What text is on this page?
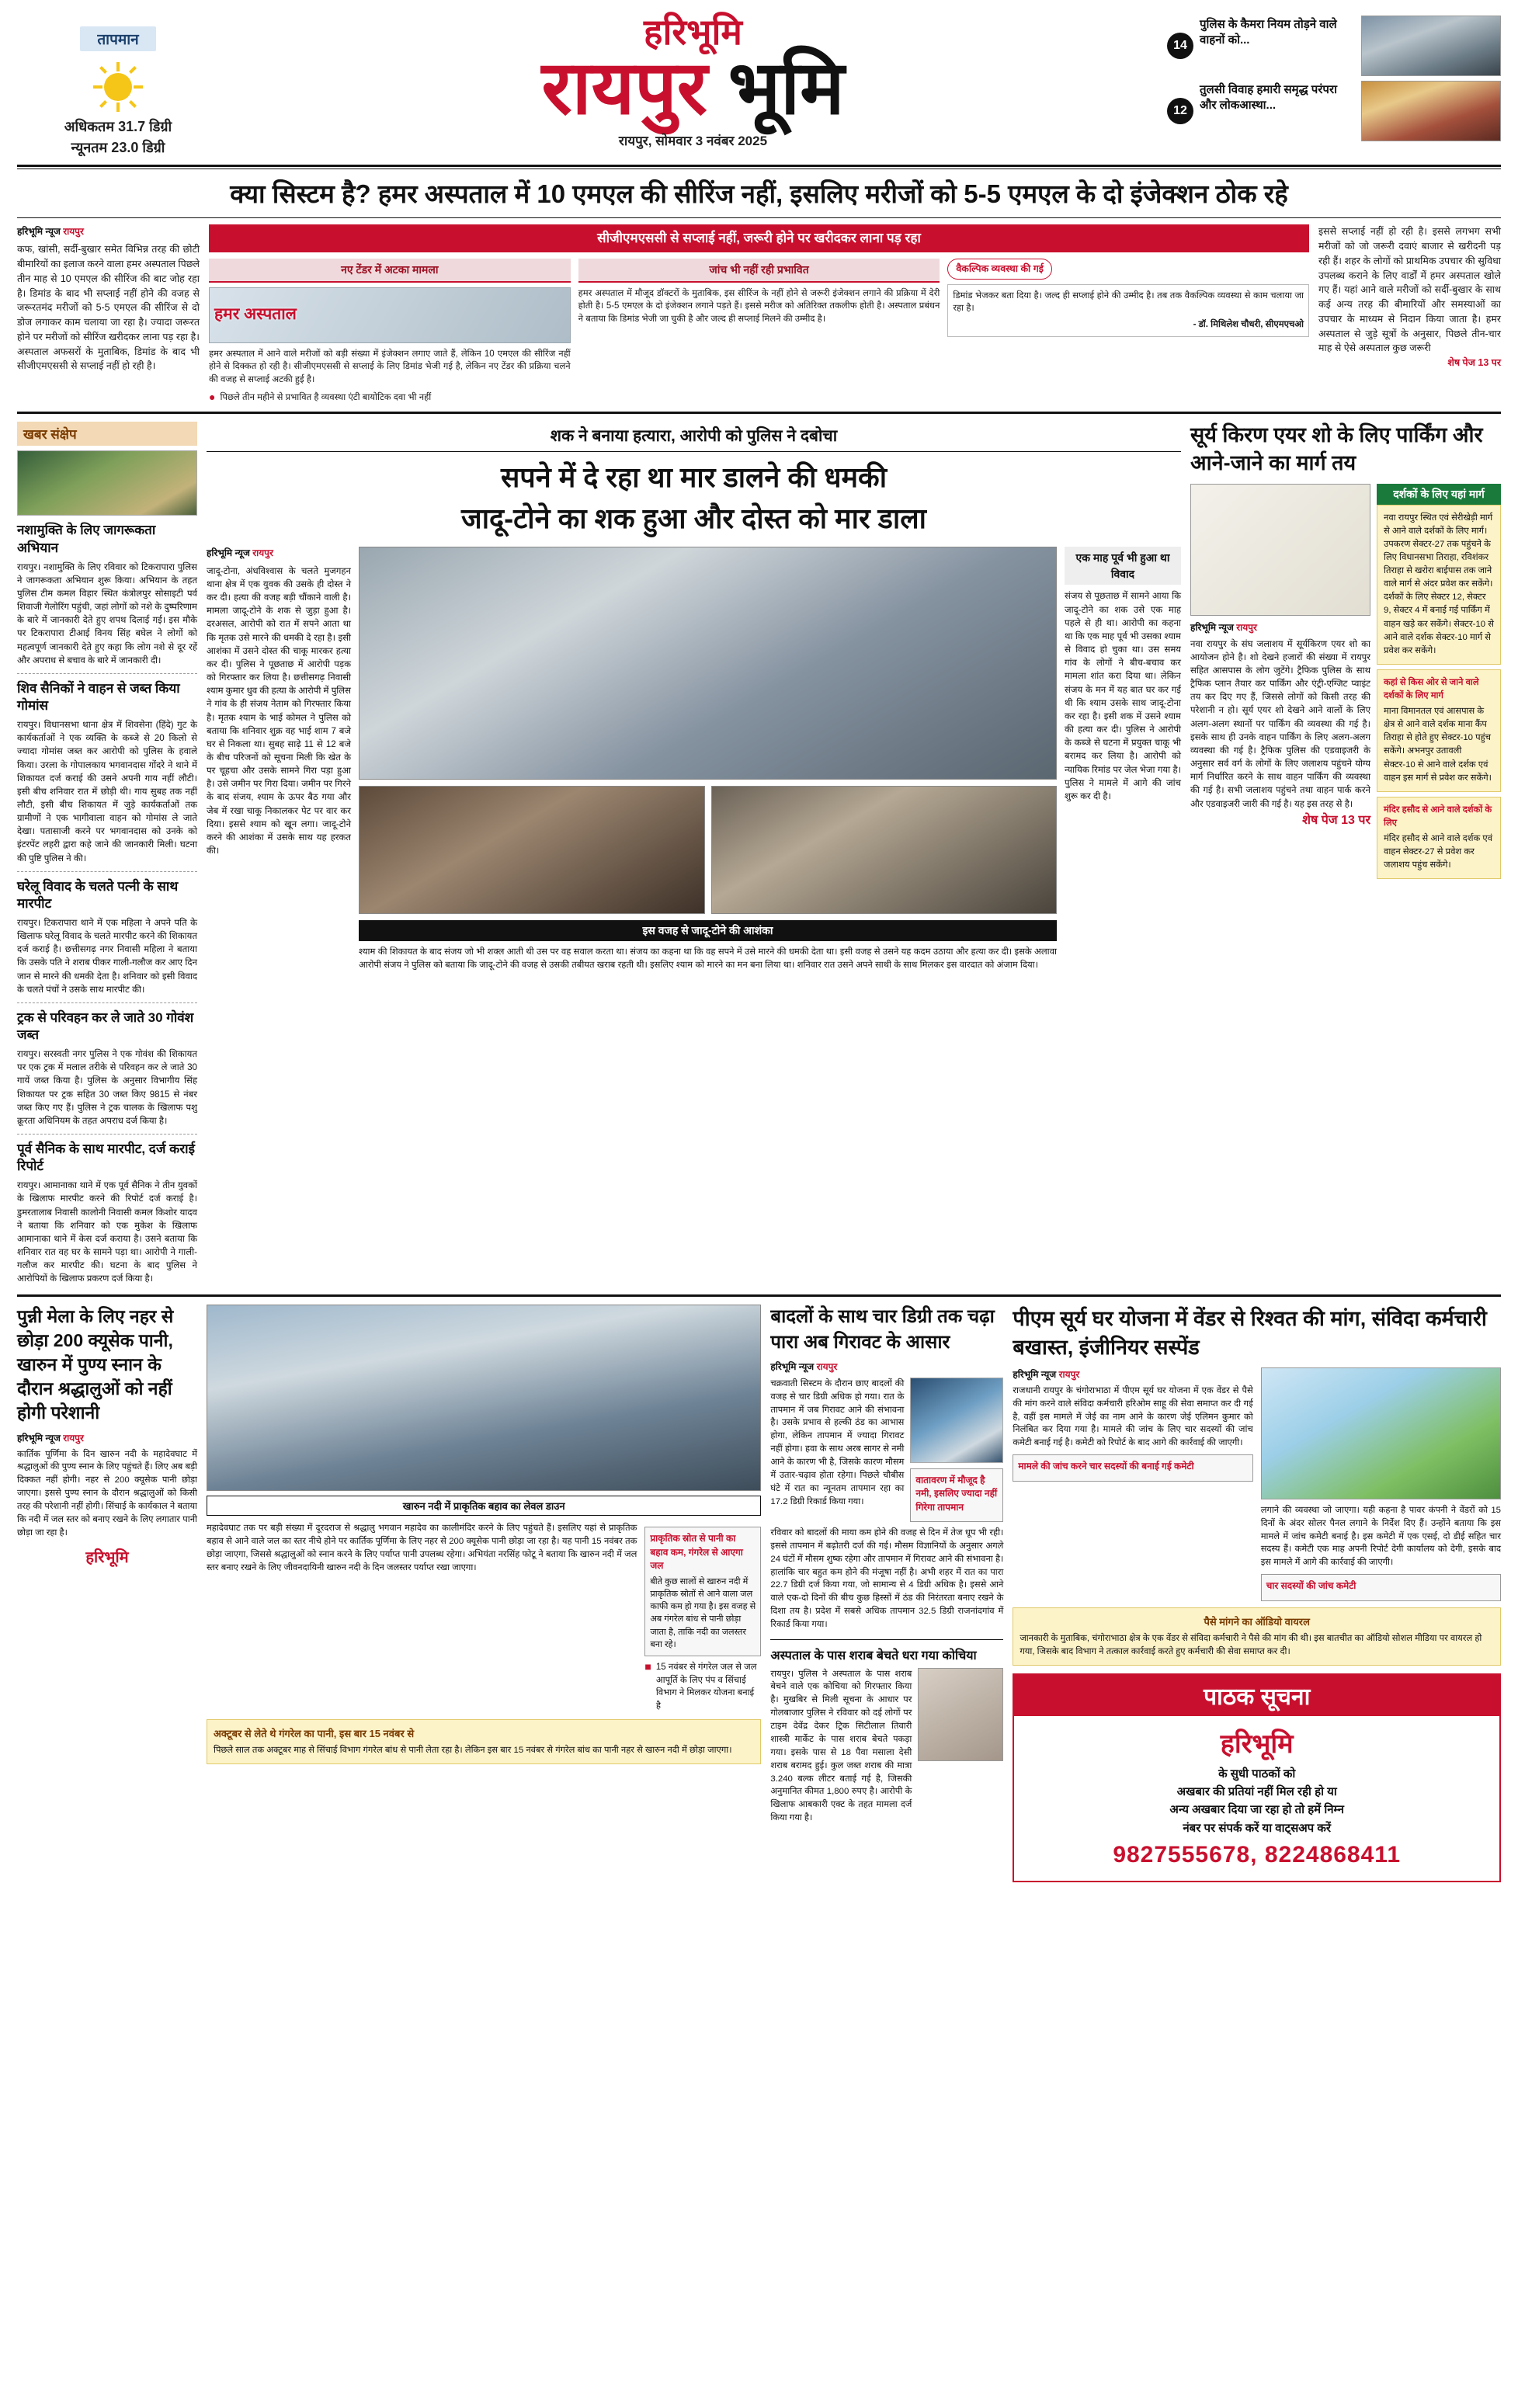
तापमान
अधिकतम 31.7 डिग्री
न्यूनतम 23.0 डिग्री
हरिभूमि
रायपुर भूमि
रायपुर, सोमवार 3 नवंबर 2025
14
पुलिस के कैमरा नियम तोड़ने वाले वाहनों को...
12
तुलसी विवाह हमारी समृद्ध परंपरा और लोकआस्था...
क्या सिस्टम है? हमर अस्पताल में 10 एमएल की सीरिंज नहीं, इसलिए मरीजों को 5-5 एमएल के दो इंजेक्शन ठोक रहे
हरिभूमि न्यूज रायपुर
कफ, खांसी, सर्दी-बुखार समेत विभिन्न तरह की छोटी बीमारियों का इलाज करने वाला हमर अस्पताल पिछले तीन माह से 10 एमएल की सीरिंज की बाट जोह रहा है। डिमांड के बाद भी सप्लाई नहीं होने की वजह से जरूरतमंद मरीजों को 5-5 एमएल की सीरिंज से दो डोज लगाकर काम चलाया जा रहा है। ज्यादा जरूरत होने पर मरीजों को सीरिंज खरीदकर लाना पड़ रहा है। अस्पताल अफसरों के मुताबिक, डिमांड के बाद भी सीजीएमएससी से सप्लाई नहीं हो रही है।
सीजीएमएससी से सप्लाई नहीं, जरूरी होने पर खरीदकर लाना पड़ रहा
नए टेंडर में अटका मामला
हमर अस्पताल
हमर अस्पताल में आने वाले मरीजों को बड़ी संख्या में इंजेक्शन लगाए जाते हैं, लेकिन 10 एमएल की सीरिंज नहीं होने से दिक्कत हो रही है। सीजीएमएससी से सप्लाई के लिए डिमांड भेजी गई है, लेकिन नए टेंडर की प्रक्रिया चलने की वजह से सप्लाई अटकी हुई है।
● पिछले तीन महीने से प्रभावित है व्यवस्था एंटी बायोटिक दवा भी नहीं
जांच भी नहीं रही प्रभावित
हमर अस्पताल में मौजूद डॉक्टरों के मुताबिक, इस सीरिंज के नहीं होने से जरूरी इंजेक्शन लगाने की प्रक्रिया में देरी होती है। 5-5 एमएल के दो इंजेक्शन लगाने पड़ते हैं। इससे मरीज को अतिरिक्त तकलीफ होती है। अस्पताल प्रबंधन ने बताया कि डिमांड भेजी जा चुकी है और जल्द ही सप्लाई मिलने की उम्मीद है।
वैकल्पिक व्यवस्था की गई
डिमांड भेजकर बता दिया है। जल्द ही सप्लाई होने की उम्मीद है। तब तक वैकल्पिक व्यवस्था से काम चलाया जा रहा है।
- डॉ. मिथिलेश चौधरी, सीएमएचओ
इससे सप्लाई नहीं हो रही है। इससे लगभग सभी मरीजों को जो जरूरी दवाएं बाजार से खरीदनी पड़ रही हैं। शहर के लोगों को प्राथमिक उपचार की सुविधा उपलब्ध कराने के लिए वार्डों में हमर अस्पताल खोले गए हैं। यहां आने वाले मरीजों को सर्दी-बुखार के साथ कई अन्य तरह की बीमारियों और समस्याओं का उपचार के माध्यम से निदान किया जाता है। हमर अस्पताल से जुड़े सूत्रों के अनुसार, पिछले तीन-चार माह से ऐसे अस्पताल कुछ जरूरी
शेष पेज 13 पर
खबर संक्षेप
नशामुक्ति के लिए जागरूकता अभियान
रायपुर। नशामुक्ति के लिए रविवार को टिकरापारा पुलिस ने जागरूकता अभियान शुरू किया। अभियान के तहत पुलिस टीम कमल विहार स्थित कंत्रोलपुर सोसाइटी पर्व शिवाजी गेलोरिंग पहुंची, जहां लोगों को नशे के दुष्परिणाम के बारे में जानकारी देते हुए शपथ दिलाई गई। इस मौके पर टिकरापारा टीआई विनय सिंह बघेल ने लोगों को महत्वपूर्ण जानकारी देते हुए कहा कि लोग नशे से दूर रहें और अपराध से बचाव के बारे में जानकारी दी।
शिव सैनिकों ने वाहन से जब्त किया गोमांस
रायपुर। विधानसभा थाना क्षेत्र में शिवसेना (हिंदे) गुट के कार्यकर्ताओं ने एक व्यक्ति के कब्जे से 20 किलो से ज्यादा गोमांस जब्त कर आरोपी को पुलिस के हवाले किया। उरला के गोपालकाय भगवानदास गोंदरे ने थाने में शिकायत दर्ज कराई की उसने अपनी गाय नहीं लौटी। इसी बीच शनिवार रात में छोड़ी थी। गाय सुबह तक नहीं लौटी, इसी बीच शिकायत में जुड़े कार्यकर्ताओं तक ग्रामीणों ने एक भागीवाला वाहन को गोमांस ले जाते देखा। पतासाजी करने पर भगवानदास को उनके को इंटरपेंट लहरी द्वारा कहे जाने की जानकारी मिली। घटना की पुष्टि पुलिस ने की।
घरेलू विवाद के चलते पत्नी के साथ मारपीट
रायपुर। टिकरापारा थाने में एक महिला ने अपने पति के खिलाफ घरेलू विवाद के चलते मारपीट करने की शिकायत दर्ज कराई है। छत्तीसगढ़ नगर निवासी महिला ने बताया कि उसके पति ने शराब पीकर गाली-गलौज कर आए दिन जान से मारने की धमकी देता है। शनिवार को इसी विवाद के चलते पंचों ने उसके साथ मारपीट की।
ट्रक से परिवहन कर ले जाते 30 गोवंश जब्त
रायपुर। सरस्वती नगर पुलिस ने एक गोवंश की शिकायत पर एक ट्रक में मलाल तरीके से परिवहन कर ले जाते 30 गायें जब्त किया है। पुलिस के अनुसार विभागीय सिंह शिकायत पर ट्रक सहित 30 जब्त किए 9815 से नंबर जब्त किए गए हैं। पुलिस ने ट्रक चालक के खिलाफ पशु क्रूरता अधिनियम के तहत अपराध दर्ज किया है।
पूर्व सैनिक के साथ मारपीट, दर्ज कराई रिपोर्ट
रायपुर। आमानाका थाने में एक पूर्व सैनिक ने तीन युवकों के खिलाफ मारपीट करने की रिपोर्ट दर्ज कराई है। डुमरतालाब निवासी कालोनी निवासी कमल किशोर यादव ने बताया कि शनिवार को एक मुकेश के खिलाफ आमानाका थाने में केस दर्ज कराया है। उसने बताया कि शनिवार रात वह घर के सामने पड़ा था। आरोपी ने गाली-गलौज कर मारपीट की। घटना के बाद पुलिस ने आरोपियों के खिलाफ प्रकरण दर्ज किया है।
शक ने बनाया हत्यारा, आरोपी को पुलिस ने दबोचा
सपने में दे रहा था मार डालने की धमकी
जादू-टोने का शक हुआ और दोस्त को मार डाला
हरिभूमि न्यूज रायपुर
जादू-टोना, अंधविश्वास के चलते मुजगहन थाना क्षेत्र में एक युवक की उसके ही दोस्त ने कर दी। हत्या की वजह बड़ी चौंकाने वाली है। मामला जादू-टोने के शक से जुड़ा हुआ है। दरअसल, आरोपी को रात में सपने आता था कि मृतक उसे मारने की धमकी दे रहा है। इसी आशंका में उसने दोस्त की चाकू मारकर हत्या कर दी। पुलिस ने पूछताछ में आरोपी पड़क को गिरफ्तार कर लिया है। छत्तीसगढ़ निवासी श्याम कुमार धुव की हत्या के आरोपी में पुलिस ने गांव के ही संजय नेताम को गिरफ्तार किया है। मृतक श्याम के भाई कोमल ने पुलिस को बताया कि शनिवार शुक्र वह भाई शाम 7 बजे घर से निकला था। सुबह साढ़े 11 से 12 बजे के बीच परिजनों को सूचना मिली कि खेत के पर चूहचा और उसके सामने गिरा पड़ा हुआ है। उसे जमीन पर गिरा दिया। जमीन पर गिरने के बाद संजय, श्याम के ऊपर बैठ गया और जेब में रखा चाकू निकालकर पेट पर वार कर दिया। इससे श्याम को खून लगा। जादू-टोने करने की आशंका में उसके साथ यह हरकत की।
इस वजह से जादू-टोने की आशंका
श्याम की शिकायत के बाद संजय जो भी शक्ल आती थी उस पर वह सवाल करता था। संजय का कहना था कि वह सपने में उसे मारने की धमकी देता था। इसी वजह से उसने यह कदम उठाया और हत्या कर दी। इसके अलावा आरोपी संजय ने पुलिस को बताया कि जादू-टोने की वजह से उसकी तबीयत खराब रहती थी। इसलिए श्याम को मारने का मन बना लिया था। शनिवार रात उसने अपने साथी के साथ मिलकर इस वारदात को अंजाम दिया।
एक माह पूर्व भी हुआ था विवाद
संजय से पूछताछ में सामने आया कि जादू-टोने का शक उसे एक माह पहले से ही था। आरोपी का कहना था कि एक माह पूर्व भी उसका श्याम से विवाद हो चुका था। उस समय गांव के लोगों ने बीच-बचाव कर मामला शांत करा दिया था। लेकिन संजय के मन में यह बात घर कर गई थी कि श्याम उसके साथ जादू-टोना कर रहा है। इसी शक में उसने श्याम की हत्या कर दी। पुलिस ने आरोपी के कब्जे से घटना में प्रयुक्त चाकू भी बरामद कर लिया है। आरोपी को न्यायिक रिमांड पर जेल भेजा गया है। पुलिस ने मामले में आगे की जांच शुरू कर दी है।
सूर्य किरण एयर शो के लिए पार्किंग और आने-जाने का मार्ग तय
हरिभूमि न्यूज रायपुर
नवा रायपुर के संघ जलाशय में सूर्यकिरण एयर शो का आयोजन होने है। शो देखने हजारों की संख्या में रायपुर सहित आसपास के लोग जुटेंगे। ट्रैफिक पुलिस के साथ ट्रैफिक प्लान तैयार कर पार्किंग और एंट्री-एग्जिट प्वाइंट तय कर दिए गए हैं, जिससे लोगों को किसी तरह की परेशानी न हो। सूर्य एयर शो देखने आने वालों के लिए अलग-अलग स्थानों पर पार्किंग की व्यवस्था की गई है। इसके साथ ही उनके वाहन पार्किंग के लिए अलग-अलग व्यवस्था की गई है। ट्रैफिक पुलिस की एडवाइजरी के अनुसार सर्व वर्ग के लोगों के लिए जलाशय पहुंचने योग्य मार्ग निर्धारित करने के साथ वाहन पार्किंग की व्यवस्था की गई है। सभी जलाशय पहुंचने तथा वाहन पार्क करने और एडवाइजरी जारी की गई है। यह इस तरह से है।
शेष पेज 13 पर
दर्शकों के लिए यहां मार्ग
नवा रायपुर स्थित एवं सेरीखेड़ी मार्ग से आने वाले दर्शकों के लिए मार्ग। उपकरण सेक्टर-27 तक पहुंचने के लिए विधानसभा तिराहा, रविशंकर तिराहा से खरोरा बाईपास तक जाने वाले मार्ग से अंदर प्रवेश कर सकेंगे। दर्शकों के लिए सेक्टर 12, सेक्टर 9, सेक्टर 4 में बनाई गई पार्किंग में वाहन खड़े कर सकेंगे। सेक्टर-10 से आने वाले दर्शक सेक्टर-10 मार्ग से प्रवेश कर सकेंगे।
कहां से किस ओर से जाने वाले दर्शकों के लिए मार्ग
माना विमानतल एवं आसपास के क्षेत्र से आने वाले दर्शक माना कैंप तिराहा से होते हुए सेक्टर-10 पहुंच सकेंगे। अभनपुर उतावली सेक्टर-10 से आने वाले दर्शक एवं वाहन इस मार्ग से प्रवेश कर सकेंगे।
मंदिर हसौद से आने वाले दर्शकों के लिए
मंदिर हसौद से आने वाले दर्शक एवं वाहन सेक्टर-27 से प्रवेश कर जलाशय पहुंच सकेंगे।
पुन्नी मेला के लिए नहर से छोड़ा 200 क्यूसेक पानी, खारुन में पुण्य स्नान के दौरान श्रद्धालुओं को नहीं होगी परेशानी
हरिभूमि न्यूज रायपुर
कार्तिक पूर्णिमा के दिन खारुन नदी के महादेवघाट में श्रद्धालुओं की पुण्य स्नान के लिए पहुंचते हैं। लिए अब बड़ी दिक्कत नहीं होगी। नहर से 200 क्यूसेक पानी छोड़ा जाएगा। इससे पुण्य स्नान के दौरान श्रद्धालुओं को किसी तरह की परेशानी नहीं होगी। सिंचाई के कार्यकाल ने बताया कि नदी में जल स्तर को बनाए रखने के लिए लगातार पानी छोड़ा जा रहा है।
हरिभूमि
खारुन नदी में प्राकृतिक बहाव का लेवल डाउन
महादेवघाट तक पर बड़ी संख्या में दूरदराज से श्रद्धालु भगवान महादेव का कालीमंदिर करने के लिए पहुंचते हैं। इसलिए यहां से प्राकृतिक बहाव से आने वाले जल का स्तर नीचे होने पर कार्तिक पूर्णिमा के लिए नहर से 200 क्यूसेक पानी छोड़ा जा रहा है। यह पानी 15 नवंबर तक छोड़ा जाएगा, जिससे श्रद्धालुओं को स्नान करने के लिए पर्याप्त पानी उपलब्ध रहेगा। अभियंता नरसिंह फोटू ने बताया कि खारुन नदी में जल स्तर बनाए रखने के लिए जीवनदायिनी खारुन नदी के दिन जलस्तर पर्याप्त रखा जाएगा।
प्राकृतिक स्रोत से पानी का बहाव कम, गंगरेल से आएगा जल
बीते कुछ सालों से खारुन नदी में प्राकृतिक स्रोतों से आने वाला जल काफी कम हो गया है। इस वजह से अब गंगरेल बांध से पानी छोड़ा जाता है, ताकि नदी का जलस्तर बना रहे।
■ 15 नवंबर से गंगरेल जल से जल आपूर्ति के लिए पंप व सिंचाई विभाग ने मिलकर योजना बनाई है
अक्टूबर से लेते थे गंगरेल का पानी, इस बार 15 नवंबर से
पिछले साल तक अक्टूबर माह से सिंचाई विभाग गंगरेल बांध से पानी लेता रहा है। लेकिन इस बार 15 नवंबर से गंगरेल बांध का पानी नहर से खारुन नदी में छोड़ा जाएगा।
बादलों के साथ चार डिग्री तक चढ़ा पारा अब गिरावट के आसार
हरिभूमि न्यूज रायपुर
चक्रवाती सिस्टम के दौरान छाए बादलों की वजह से चार डिग्री अधिक हो गया। रात के तापमान में जब गिरावट आने की संभावना है। उसके प्रभाव से हल्की ठंड का आभास होगा, लेकिन तापमान में ज्यादा गिरावट नहीं होगा। हवा के साथ अरब सागर से नमी आने के कारण भी है, जिसके कारण मौसम में उतार-चढ़ाव होता रहेगा। पिछले चौबीस घंटे में रात का न्यूनतम तापमान रहा का 17.2 डिग्री रिकार्ड किया गया।
वातावरण में मौजूद है नमी, इसलिए ज्यादा नहीं गिरेगा तापमान
रविवार को बादलों की माया कम होने की वजह से दिन में तेज धूप भी रही। इससे तापमान में बढ़ोतरी दर्ज की गई। मौसम विज्ञानियों के अनुसार अगले 24 घंटों में मौसम शुष्क रहेगा और तापमान में गिरावट आने की संभावना है। हालांकि चार बहुत कम होने की मंजूषा नहीं है। अभी शहर में रात का पारा 22.7 डिग्री दर्ज किया गया, जो सामान्य से 4 डिग्री अधिक है। इससे आने वाले एक-दो दिनों की बीच कुछ हिस्सों में ठंड की निरंतरता बनाए रखने के दिशा तय है। प्रदेश में सबसे अधिक तापमान 32.5 डिग्री राजनांदगांव में रिकार्ड किया गया।
अस्पताल के पास शराब बेचते धरा गया कोचिया
रायपुर। पुलिस ने अस्पताल के पास शराब बेचने वाले एक कोचिया को गिरफ्तार किया है। मुखबिर से मिली सूचना के आधार पर गोलबाजार पुलिस ने रविवार को दई लोगों पर टाइम देवेंद्र देकर ट्रिक सिटीलाल तिवारी शास्त्री मार्केट के पास शराब बेचते पकड़ा गया। इसके पास से 18 पैवा मसाला देसी शराब बरामद हुई। कुल जब्त शराब की मात्रा 3.240 बल्क लीटर बताई गई है, जिसकी अनुमानित कीमत 1,800 रुपए है। आरोपी के खिलाफ आबकारी एक्ट के तहत मामला दर्ज किया गया है।
पीएम सूर्य घर योजना में वेंडर से रिश्वत की मांग, संविदा कर्मचारी बखास्त, इंजीनियर सस्पेंड
हरिभूमि न्यूज रायपुर
राजधानी रायपुर के चंगोराभाठा में पीएम सूर्य घर योजना में एक वेंडर से पैसे की मांग करने वाले संविदा कर्मचारी हरिओम साहू की सेवा समाप्त कर दी गई है, वहीं इस मामले में जेई का नाम आने के कारण जेई एलिमन कुमार को निलंबित कर दिया गया है। मामले की जांच के लिए चार सदस्यों की जांच कमेटी बनाई गई है। कमेटी को रिपोर्ट के बाद आगे की कार्रवाई की जाएगी।
मामले की जांच करने चार सदस्यों की बनाई गई कमेटी
लगाने की व्यवस्था जो जाएगा। यही कहना है पावर कंपनी ने वेंडरों को 15 दिनों के अंदर सोलर पैनल लगाने के निर्देश दिए हैं। उन्होंने बताया कि इस मामले में जांच कमेटी बनाई है। इस कमेटी में एक एसई, दो डीई सहित चार सदस्य हैं। कमेटी एक माह अपनी रिपोर्ट देगी कार्यालय को देगी, इसके बाद इस मामले में आगे की कार्रवाई की जाएगी।
चार सदस्यों की जांच कमेटी
पैसे मांगने का ऑडियो वायरल
जानकारी के मुताबिक, चंगोराभाठा क्षेत्र के एक वेंडर से संविदा कर्मचारी ने पैसे की मांग की थी। इस बातचीत का ऑडियो सोशल मीडिया पर वायरल हो गया, जिसके बाद विभाग ने तत्काल कार्रवाई करते हुए कर्मचारी की सेवा समाप्त कर दी।
पाठक सूचना
हरिभूमि
के सुधी पाठकों को
अखबार की प्रतियां नहीं मिल रही हो या
अन्य अखबार दिया जा रहा हो तो हमें निम्न
नंबर पर संपर्क करें या वाट्सअप करें
9827555678, 8224868411
